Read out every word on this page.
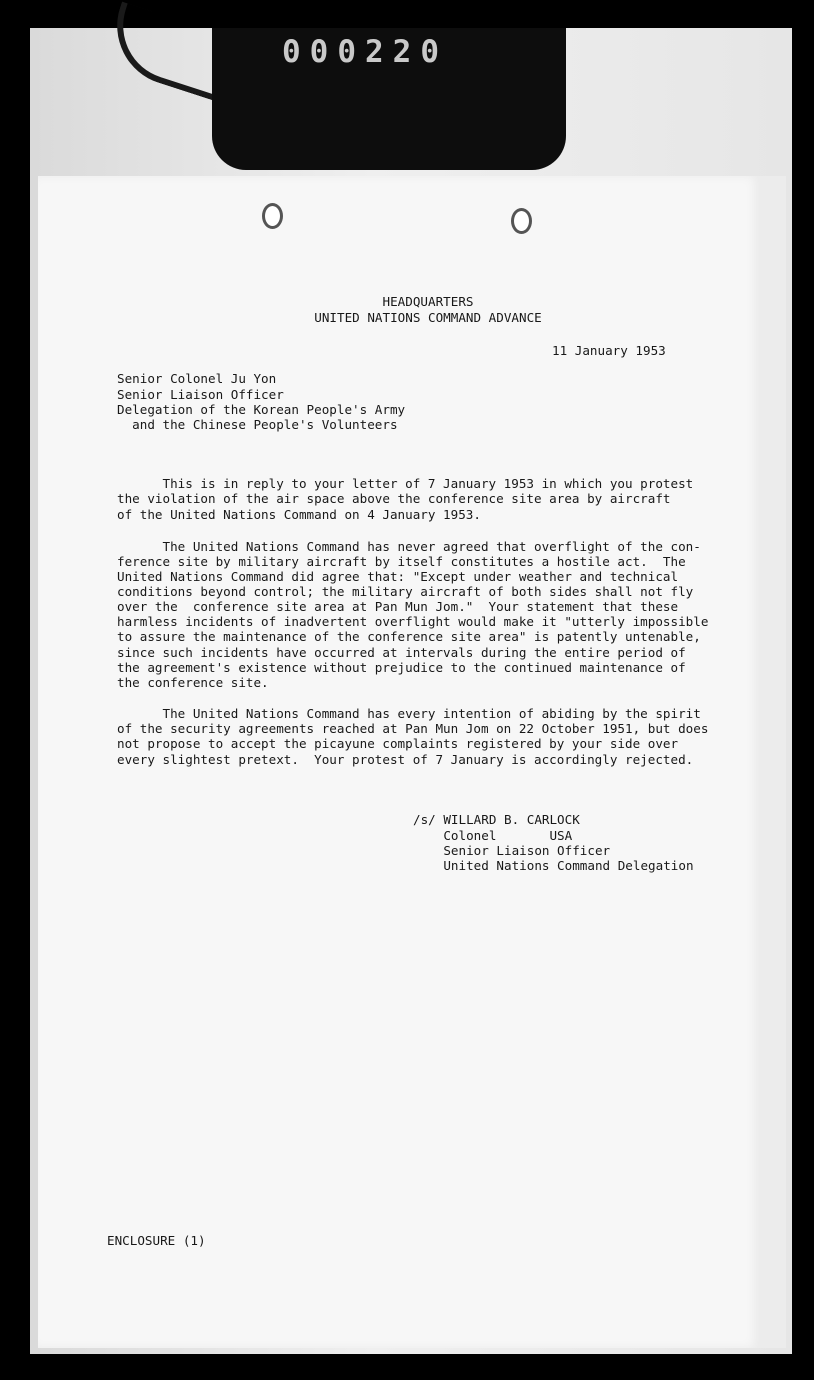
000220
HEADQUARTERS
UNITED NATIONS COMMAND ADVANCE
11 January 1953
Senior Colonel Ju Yon
Senior Liaison Officer
Delegation of the Korean People's Army
and the Chinese People's Volunteers
This is in reply to your letter of 7 January 1953 in which you protest
the violation of the air space above the conference site area by aircraft
of the United Nations Command on 4 January 1953.
The United Nations Command has never agreed that overflight of the con-
ference site by military aircraft by itself constitutes a hostile act.  The
United Nations Command did agree that: "Except under weather and technical
conditions beyond control; the military aircraft of both sides shall not fly
over the  conference site area at Pan Mun Jom."  Your statement that these
harmless incidents of inadvertent overflight would make it "utterly impossible
to assure the maintenance of the conference site area" is patently untenable,
since such incidents have occurred at intervals during the entire period of
the agreement's existence without prejudice to the continued maintenance of
the conference site.
The United Nations Command has every intention of abiding by the spirit
of the security agreements reached at Pan Mun Jom on 22 October 1951, but does
not propose to accept the picayune complaints registered by your side over
every slightest pretext.  Your protest of 7 January is accordingly rejected.
/s/ WILLARD B. CARLOCK
Colonel       USA
Senior Liaison Officer
United Nations Command Delegation
ENCLOSURE (1)
